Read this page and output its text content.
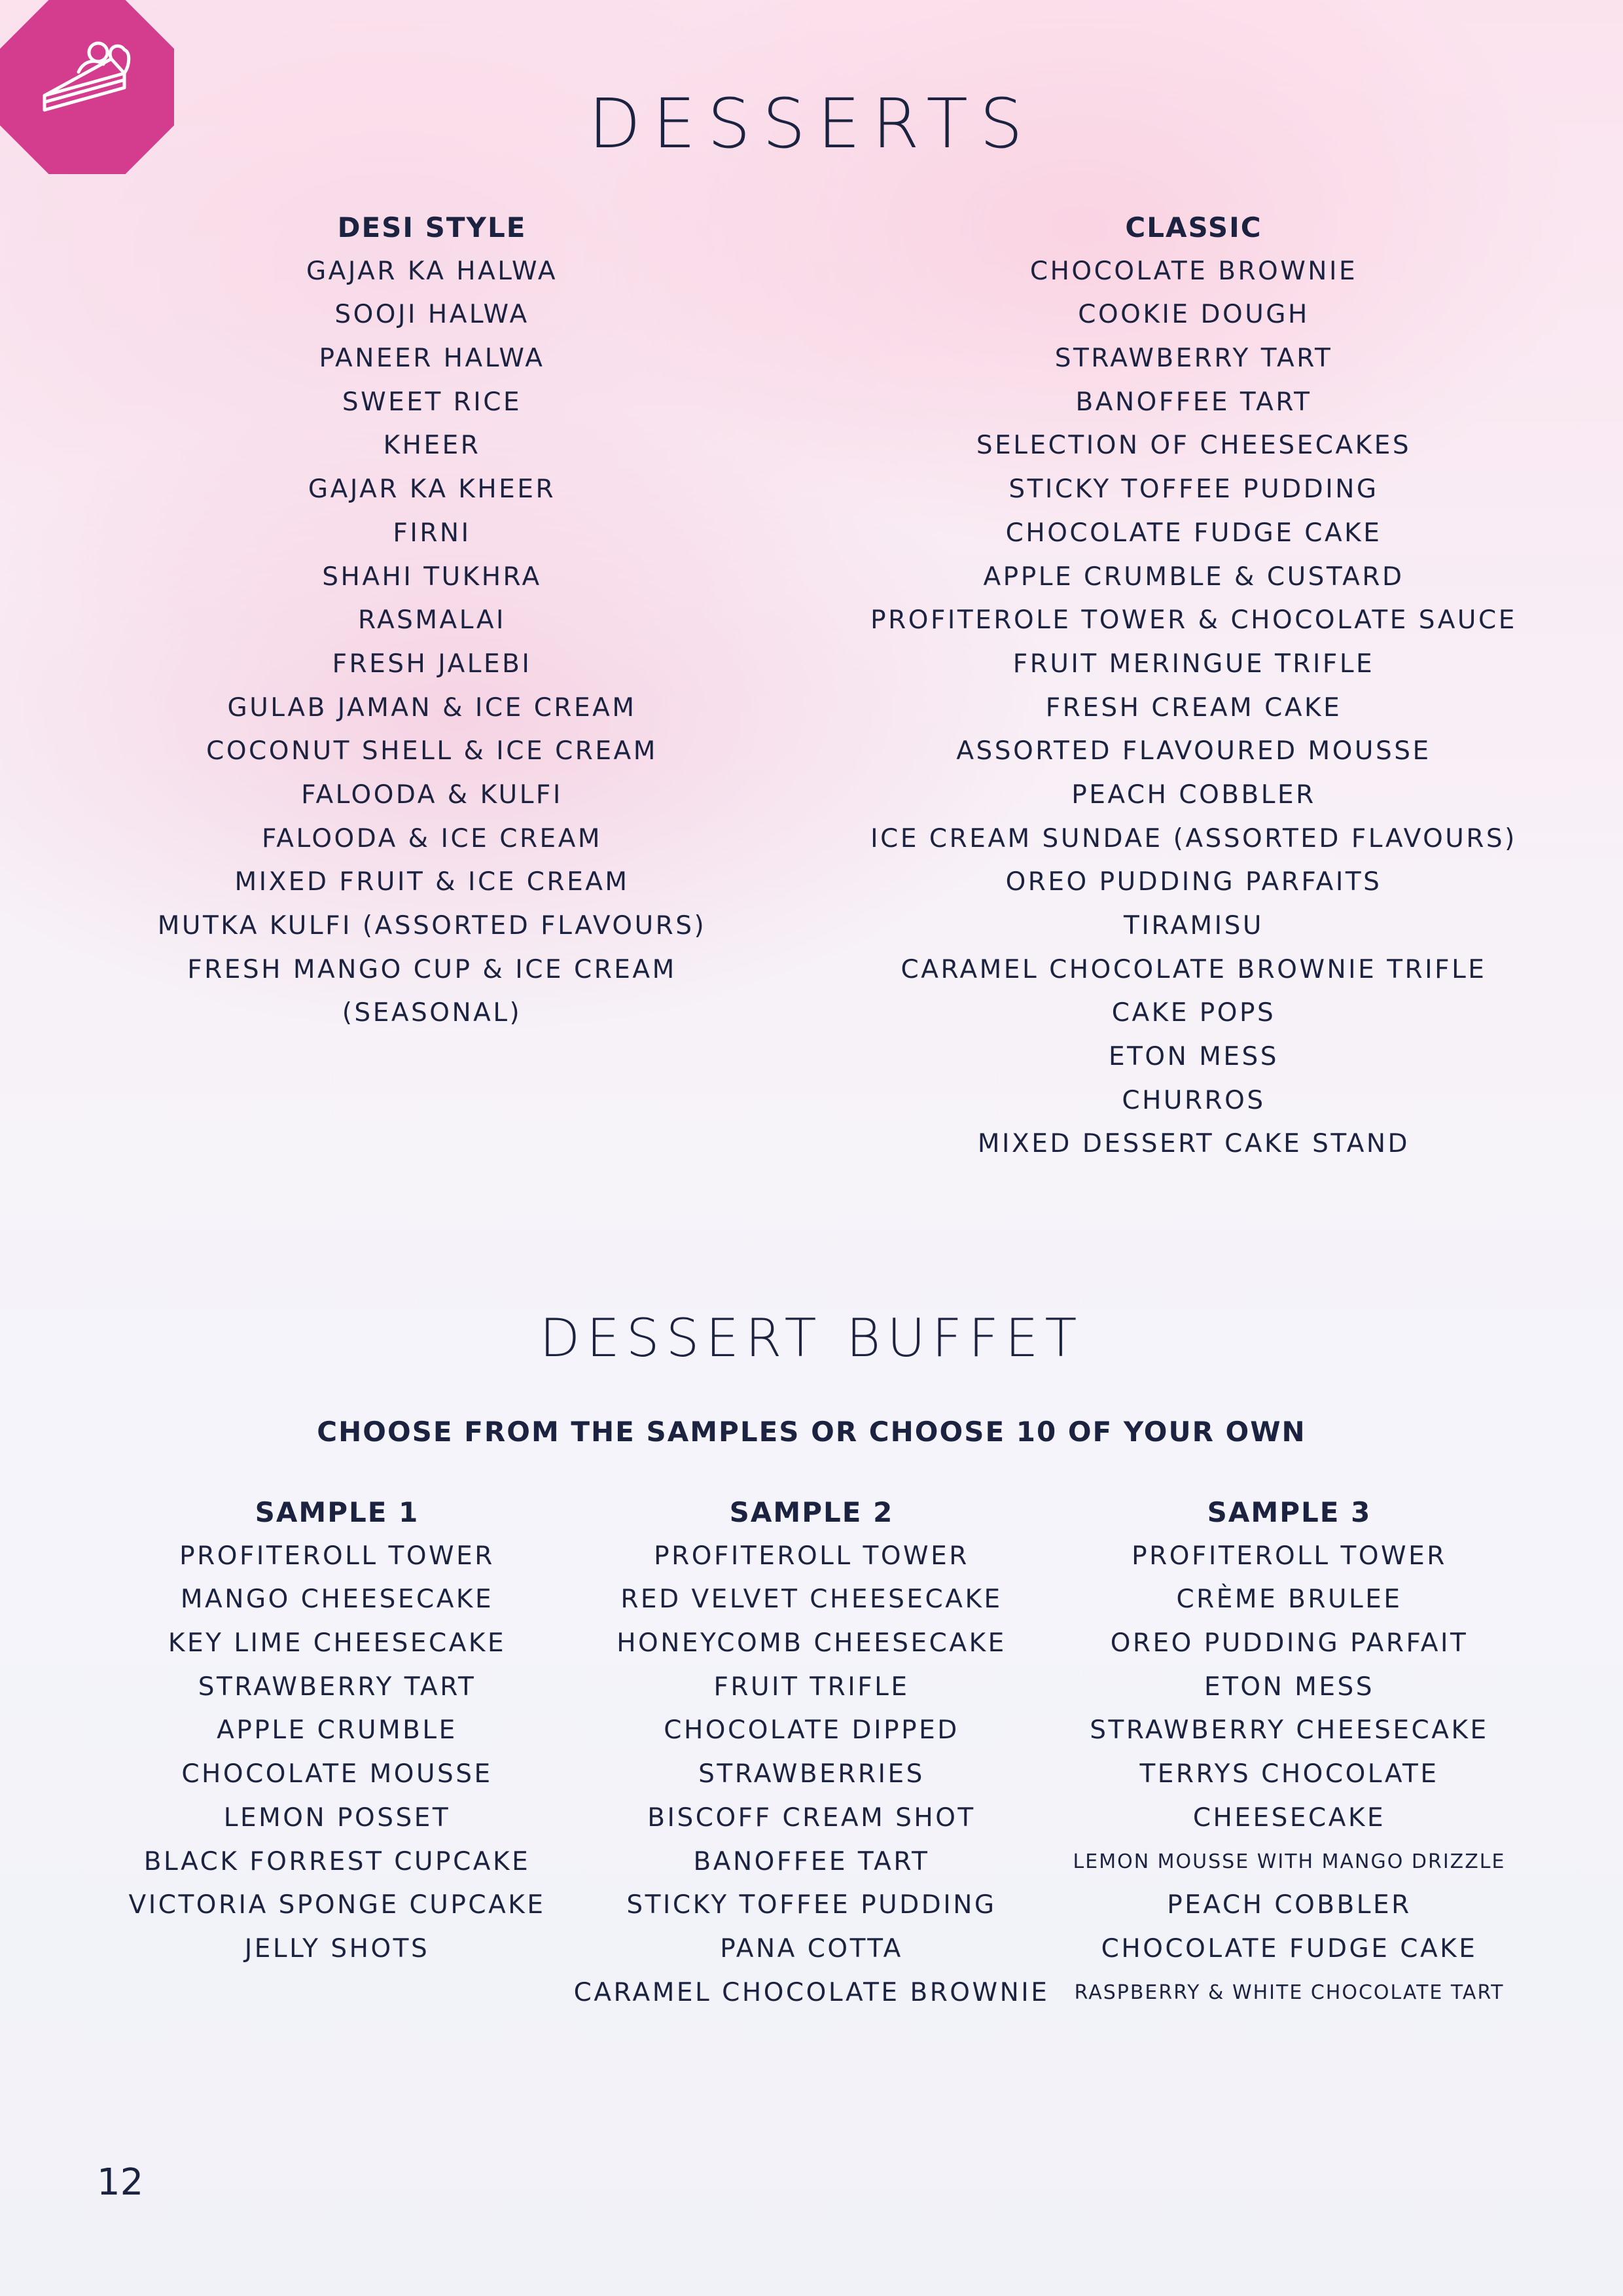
DESSERTS
DESI STYLE
GAJAR KA HALWA
SOOJI HALWA
PANEER HALWA
SWEET RICE
KHEER
GAJAR KA KHEER
FIRNI
SHAHI TUKHRA
RASMALAI
FRESH JALEBI
GULAB JAMAN & ICE CREAM
COCONUT SHELL & ICE CREAM
FALOODA & KULFI
FALOODA & ICE CREAM
MIXED FRUIT & ICE CREAM
MUTKA KULFI (ASSORTED FLAVOURS)
FRESH MANGO CUP & ICE CREAM
(SEASONAL)
CLASSIC
CHOCOLATE BROWNIE
COOKIE DOUGH
STRAWBERRY TART
BANOFFEE TART
SELECTION OF CHEESECAKES
STICKY TOFFEE PUDDING
CHOCOLATE FUDGE CAKE
APPLE CRUMBLE & CUSTARD
PROFITEROLE TOWER & CHOCOLATE SAUCE
FRUIT MERINGUE TRIFLE
FRESH CREAM CAKE
ASSORTED FLAVOURED MOUSSE
PEACH COBBLER
ICE CREAM SUNDAE (ASSORTED FLAVOURS)
OREO PUDDING PARFAITS
TIRAMISU
CARAMEL CHOCOLATE BROWNIE TRIFLE
CAKE POPS
ETON MESS
CHURROS
MIXED DESSERT CAKE STAND
DESSERT BUFFET
CHOOSE FROM THE SAMPLES OR CHOOSE 10 OF YOUR OWN
SAMPLE 1
PROFITEROLL TOWER
MANGO CHEESECAKE
KEY LIME CHEESECAKE
STRAWBERRY TART
APPLE CRUMBLE
CHOCOLATE MOUSSE
LEMON POSSET
BLACK FORREST CUPCAKE
VICTORIA SPONGE CUPCAKE
JELLY SHOTS
SAMPLE 2
PROFITEROLL TOWER
RED VELVET CHEESECAKE
HONEYCOMB CHEESECAKE
FRUIT TRIFLE
CHOCOLATE DIPPED
STRAWBERRIES
BISCOFF CREAM SHOT
BANOFFEE TART
STICKY TOFFEE PUDDING
PANA COTTA
CARAMEL CHOCOLATE BROWNIE
SAMPLE 3
PROFITEROLL TOWER
CRÈME BRULEE
OREO PUDDING PARFAIT
ETON MESS
STRAWBERRY CHEESECAKE
TERRYS CHOCOLATE
CHEESECAKE
LEMON MOUSSE WITH MANGO DRIZZLE
PEACH COBBLER
CHOCOLATE FUDGE CAKE
RASPBERRY & WHITE CHOCOLATE TART
12
